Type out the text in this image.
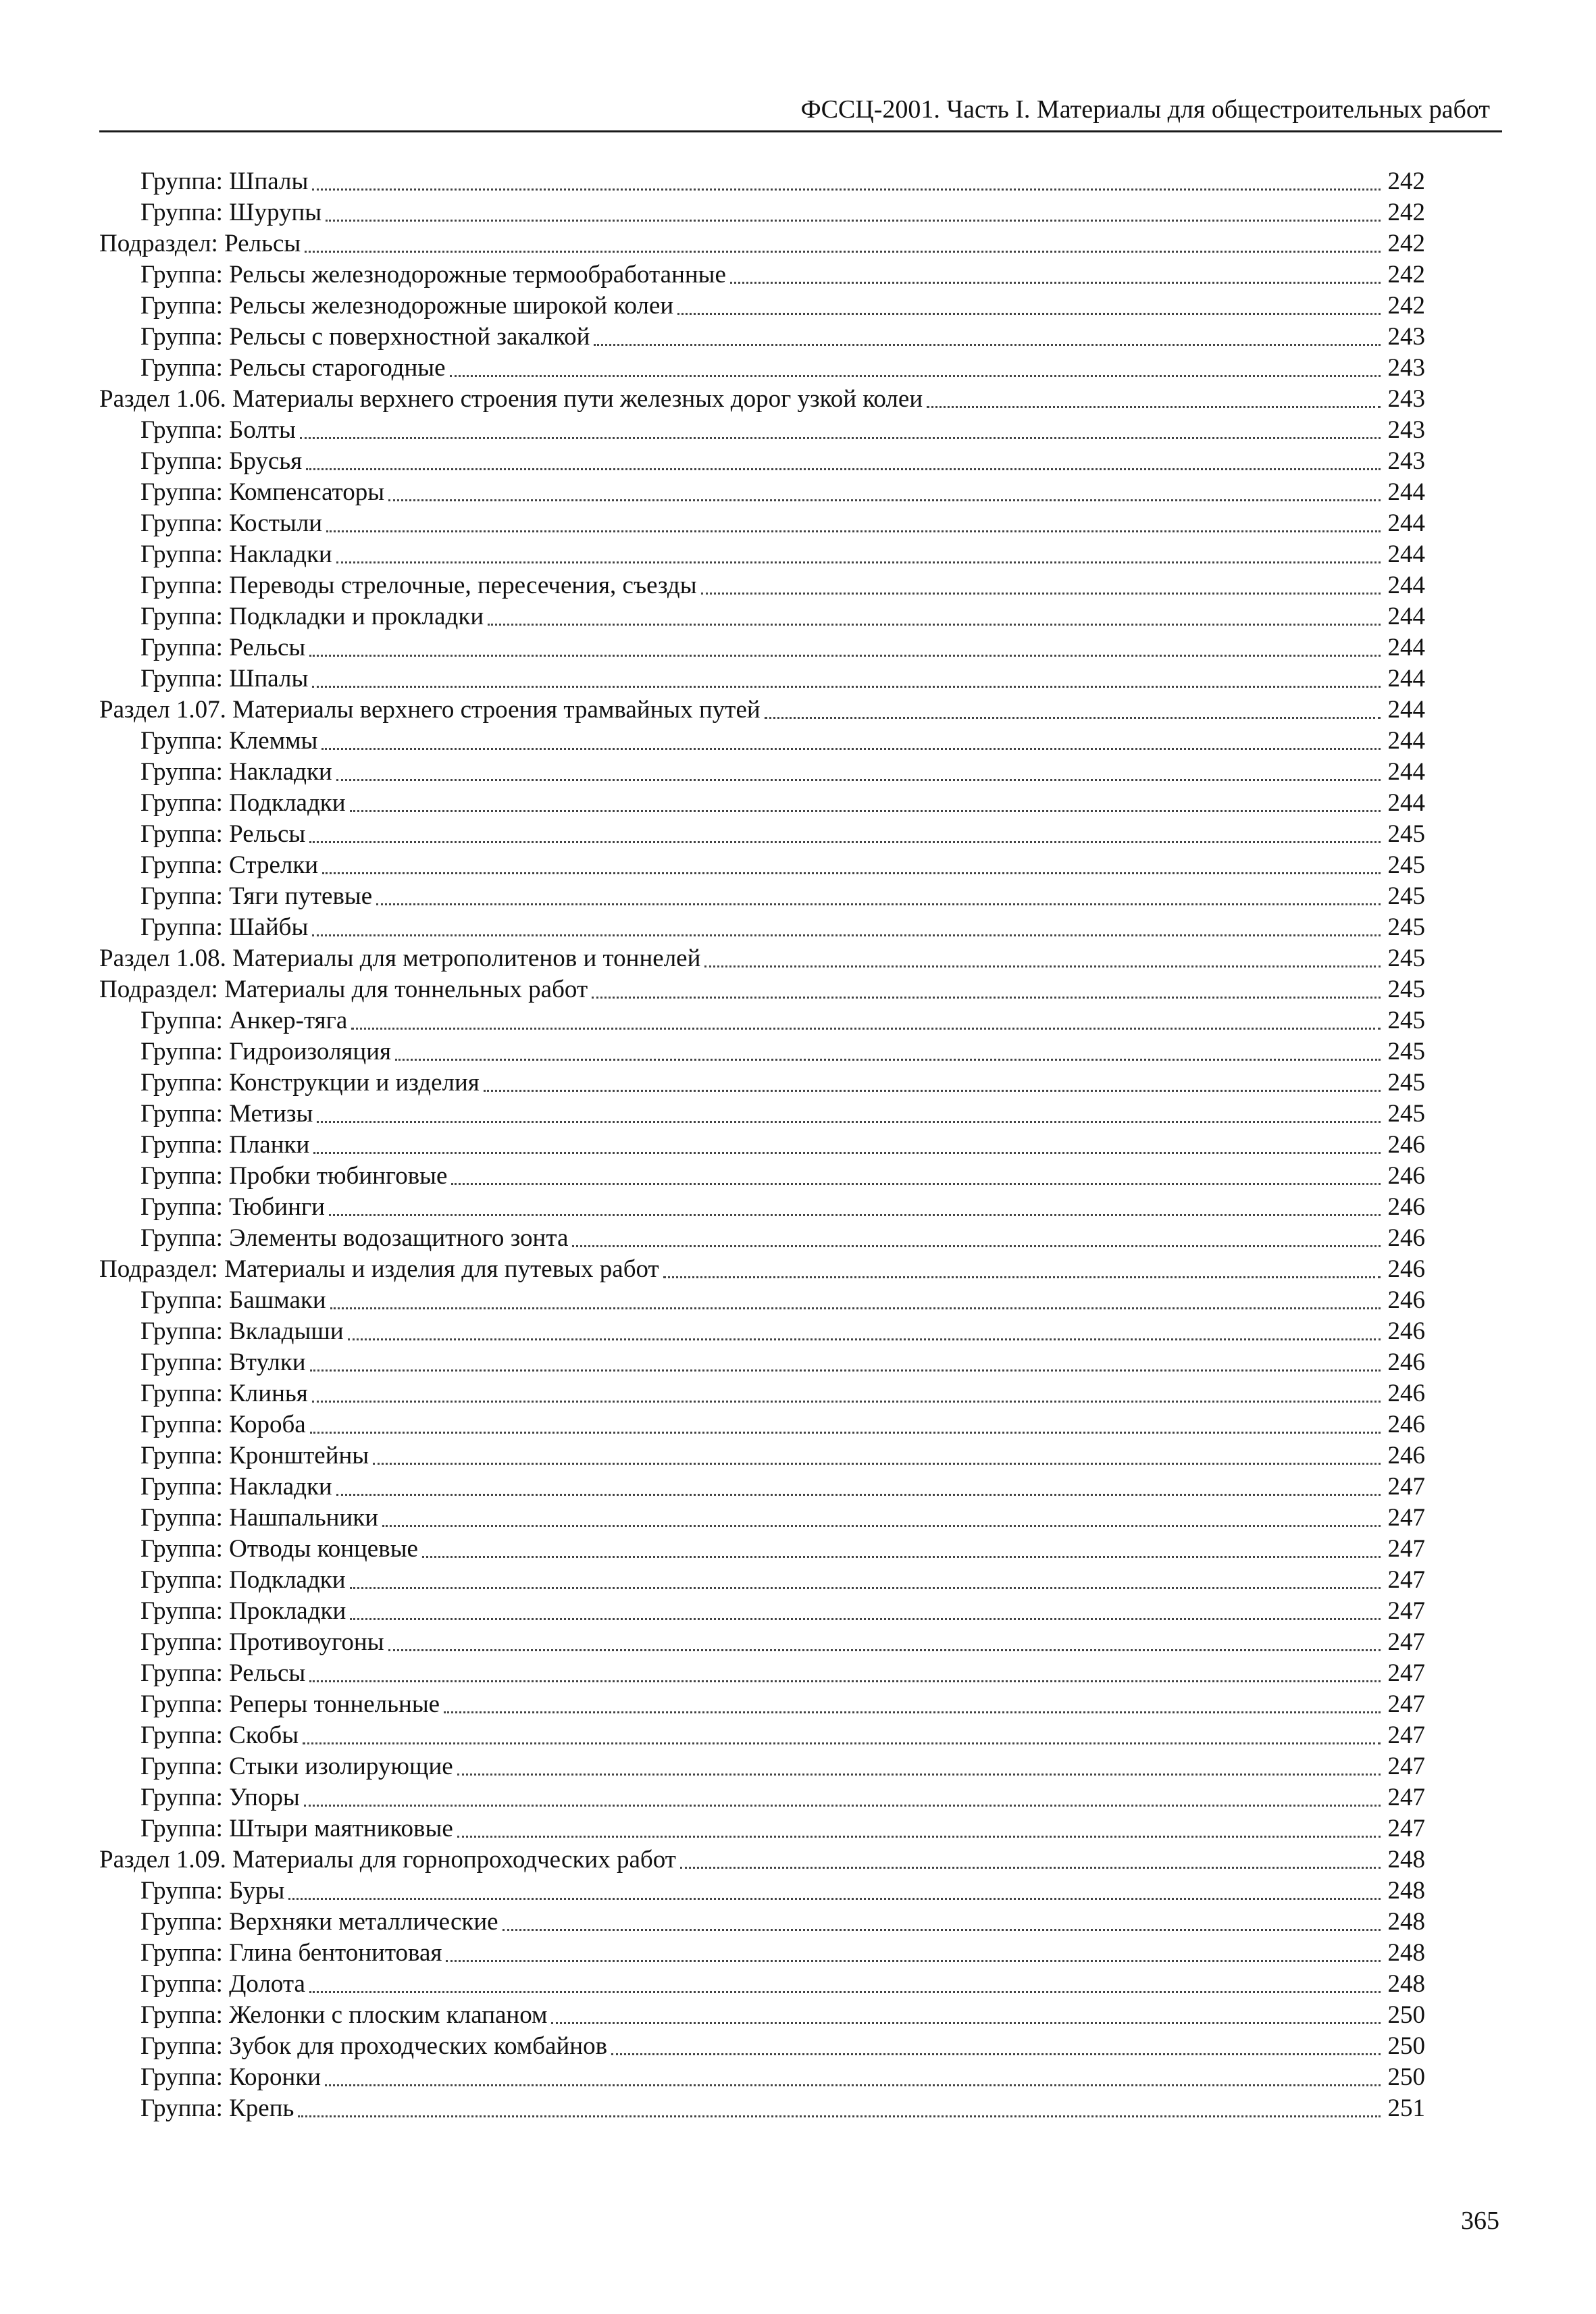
ФССЦ-2001. Часть I. Материалы для общестроительных работ
Группа: Шпалы	242
Группа: Шурупы	242
Подраздел: Рельсы	242
Группа: Рельсы железнодорожные термообработанные	242
Группа: Рельсы железнодорожные широкой колеи	242
Группа: Рельсы с поверхностной закалкой	243
Группа: Рельсы старогодные	243
Раздел 1.06. Материалы верхнего строения пути железных дорог узкой колеи	243
Группа: Болты	243
Группа: Брусья	243
Группа: Компенсаторы	244
Группа: Костыли	244
Группа: Накладки	244
Группа: Переводы стрелочные, пересечения, съезды	244
Группа: Подкладки и прокладки	244
Группа: Рельсы	244
Группа: Шпалы	244
Раздел 1.07. Материалы верхнего строения трамвайных путей	244
Группа: Клеммы	244
Группа: Накладки	244
Группа: Подкладки	244
Группа: Рельсы	245
Группа: Стрелки	245
Группа: Тяги путевые	245
Группа: Шайбы	245
Раздел 1.08. Материалы для метрополитенов и тоннелей	245
Подраздел: Материалы для тоннельных работ	245
Группа: Анкер-тяга	245
Группа: Гидроизоляция	245
Группа: Конструкции и изделия	245
Группа: Метизы	245
Группа: Планки	246
Группа: Пробки тюбинговые	246
Группа: Тюбинги	246
Группа: Элементы водозащитного зонта	246
Подраздел: Материалы и изделия для путевых работ	246
Группа: Башмаки	246
Группа: Вкладыши	246
Группа: Втулки	246
Группа: Клинья	246
Группа: Короба	246
Группа: Кронштейны	246
Группа: Накладки	247
Группа: Нашпальники	247
Группа: Отводы концевые	247
Группа: Подкладки	247
Группа: Прокладки	247
Группа: Противоугоны	247
Группа: Рельсы	247
Группа: Реперы тоннельные	247
Группа: Скобы	247
Группа: Стыки изолирующие	247
Группа: Упоры	247
Группа: Штыри маятниковые	247
Раздел 1.09. Материалы для горнопроходческих работ	248
Группа: Буры	248
Группа: Верхняки металлические	248
Группа: Глина бентонитовая	248
Группа: Долота	248
Группа: Желонки с плоским клапаном	250
Группа: Зубок для проходческих комбайнов	250
Группа: Коронки	250
Группа: Крепь	251
365
